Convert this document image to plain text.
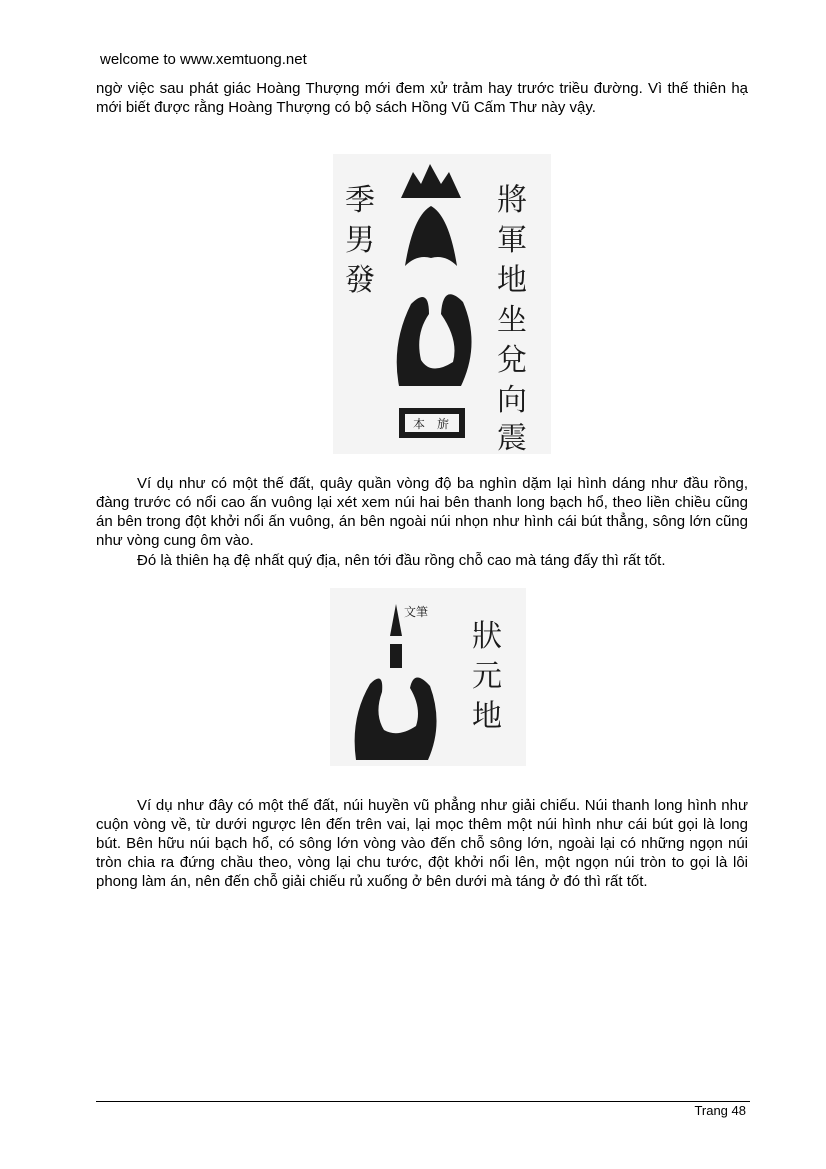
welcome to www.xemtuong.net
ngờ việc sau phát giác Hoàng Thượng mới đem xử trảm hay trước triều đường. Vì thế thiên hạ mới biết được rằng Hoàng Thượng có bộ sách Hồng Vũ Cấm Thư này vậy.
本 旂
季
男
發
將
軍
地
坐
兌
向
震
Ví dụ như có một thế đất, quây quần vòng độ ba nghìn dặm lại hình dáng như đầu rồng, đàng trước có nổi cao ấn vuông lại xét xem núi hai bên thanh long bạch hổ, theo liền chiều cũng án bên trong đột khởi nổi ấn vuông, án bên ngoài núi nhọn như hình cái bút thẳng, sông lớn cũng như vòng cung ôm vào.
Đó là thiên hạ đệ nhất quý địa, nên tới đầu rồng chỗ cao mà táng đấy thì rất tốt.
文筆
狀
元
地
Ví dụ như đây có một thế đất, núi huyền vũ phẳng như giải chiếu. Núi thanh long hình như cuộn vòng về, từ dưới ngược lên đến trên vai, lại mọc thêm một núi hình như cái bút gọi là long bút. Bên hữu núi bạch hổ, có sông lớn vòng vào đến chỗ sông lớn, ngoài lại có những ngọn núi tròn chia ra đứng chầu theo, vòng lại chu tước, đột khởi nổi lên, một ngọn núi tròn to gọi là lôi phong làm án, nên đến chỗ giải chiếu rủ xuống ở bên dưới mà táng ở đó thì rất tốt.
Trang 48
